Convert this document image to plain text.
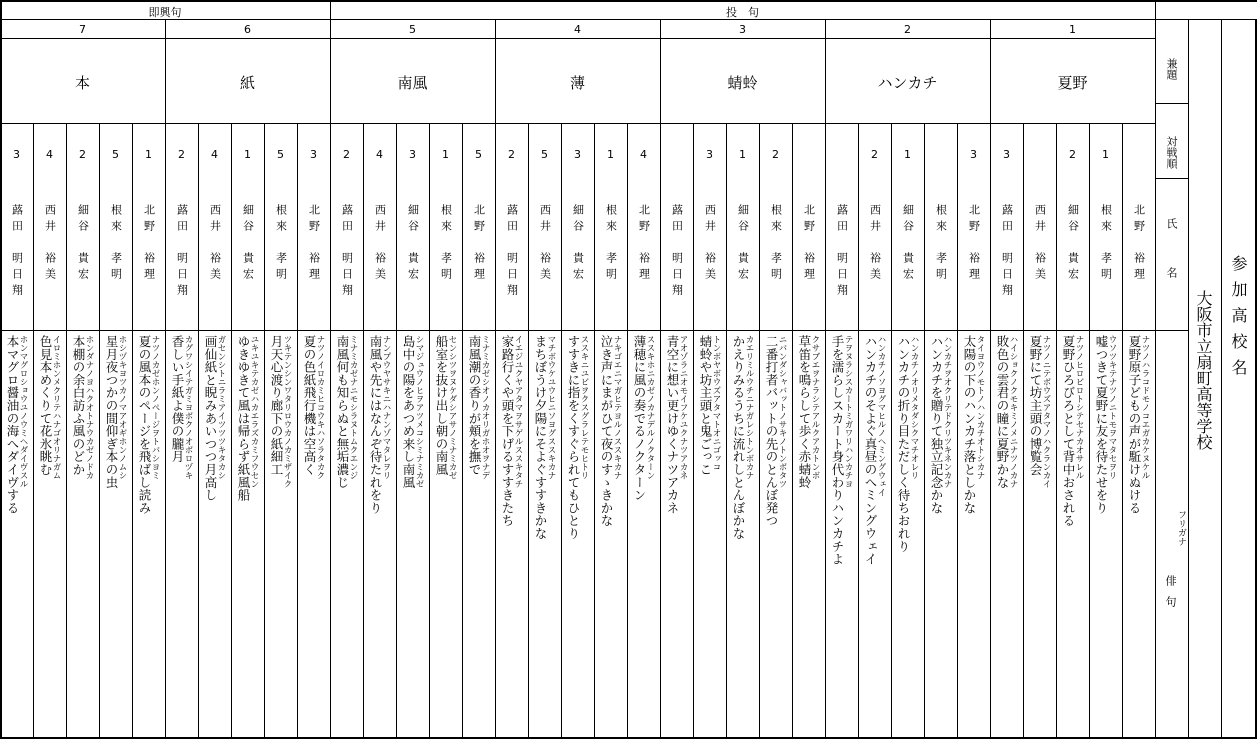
即興句	投　句
兼題
対戦順
氏名
俳句
フリガナ
大阪市立扇町高等学校 参加高校名
7
本
3
蕗田　明日翔
本マグロ醤油の海へダイヴする
ホンマグロショウユノウミヘダイヴスル
4
西井　裕美
色見本めくりて花氷眺む
イロミホンメクリテハナゴオリナガム
2
細谷　貴宏
本棚の余白訪ふ風のどか
ホンダナノヨハクオトナウカゼノドカ
5
根來　孝明
星月夜つかの間仰ぎ本の虫
ホシヅキヨツカノマアオギホンノムシ
1
北野　裕理
夏の風本のページを飛ばし読み
ナツノカゼホンノページヲトバシヨミ
6
紙
2
蕗田　明日翔
香しい手紙よ僕の朧月
カグワシイテガミヨボクノオボロヅキ
4
西井　裕美
画仙紙と睨みあいつつ月高し
ガセンシトニラミアイツツツキタカシ
1
細谷　貴宏
ゆきゆきて風は帰らず紙風船
ユキユキテカゼハカエラズカミフウセン
5
根來　孝明
月天心渡り廊下の紙細工
ツキテンシンワタリロウカノカミザイク
3
北野　裕理
夏の色紙飛行機は空高く
ナツノイロカミヒコウキハソラタカク
5
南風
2
蕗田　明日翔
南風何も知らぬと無垢濃じ
ミナミカゼナニモシラヌトムクエンジ
4
西井　裕美
南風や先にはなんぞ待たれをり
ナンプウヤサキニハナンゾマタレヲリ
3
細谷　貴宏
島中の陽をあつめ来し南風
シマジュウノヒヲアツメコシミナミカゼ
1
根來　孝明
船室を抜け出し朝の南風
センシツヲヌケダシアサノミナミカゼ
5
北野　裕理
南風潮の香りが頬を撫で
ミナミカゼシオノカオリガホオヲナデ
4
薄
2
蕗田　明日翔
家路行くや頭を下げるすすきたち
イエジユクヤアタマヲサゲルススキタチ
5
西井　裕美
まちぼうけ夕陽にそよぐすすきかな
マチボウケユウヒニソヨグススキカナ
3
細谷　貴宏
すすきに指をくすぐられてもひとり
ススキニユビヲクスグラレテモヒトリ
1
根來　孝明
泣き声にまがひて夜のすゝきかな
ナキゴエニマガヒテヨルノススキカナ
4
北野　裕理
薄穂に風の奏でるノクターン
ススキホニカゼノカナデルノクターン
3
蜻蛉
蕗田　明日翔
青空に想い更けゆくナツアカネ
アオゾラニオモイフケユクナツアカネ
3
西井　裕美
蜻蛉や坊主頭と鬼ごっこ
トンボヤボウズアタマトオニゴッコ
1
細谷　貴宏
かえりみるうちに流れしとんぼかな
カエリミルウチニナガレシトンボカナ
2
根來　孝明
二番打者バットの先のとんぼ発つ
ニバンダシャバットノサキノトンボタツ
北野　裕理
草笛を鳴らして歩く赤蜻蛉
クサブエヲナラシテアルクアカトンボ
2
ハンカチ
蕗田　明日翔
手を濡らしスカート身代わりハンカチよ
テヲヌラシスカートミガワリハンカチヨ
2
西井　裕美
ハンカチのそよぐ真昼のへミングウェイ
ハンカチノソヨグマヒルノヘミングウェイ
1
細谷　貴宏
ハンカチの折り目ただしく待ちおれり
ハンカチノオリメタダシクマチオレリ
根來　孝明
ハンカチを贈りて独立記念かな
ハンカチヲオクリテドクリツキネンカナ
3
北野　裕理
太陽の下のハンカチ落としかな
タイヨウノモトノハンカチオトシカナ
1
夏野
3
蕗田　明日翔
敗色の雲君の瞳に夏野かな
ハイショクノクモキミノメニナツノカナ
西井　裕美
夏野にて坊主頭の博覧会
ナツノニテボウズアタマノハクランカイ
2
細谷　貴宏
夏野ひろびろとして背中おされる
ナツノヒロビロトシテセナカオサレル
1
根來　孝明
嘘つきて夏野に友を待たせをり
ウソツキテナツノニトモヲマタセヲリ
北野　裕理
夏野原子どもの声が駈けぬける
ナツノハラコドモノコエガカケヌケル
